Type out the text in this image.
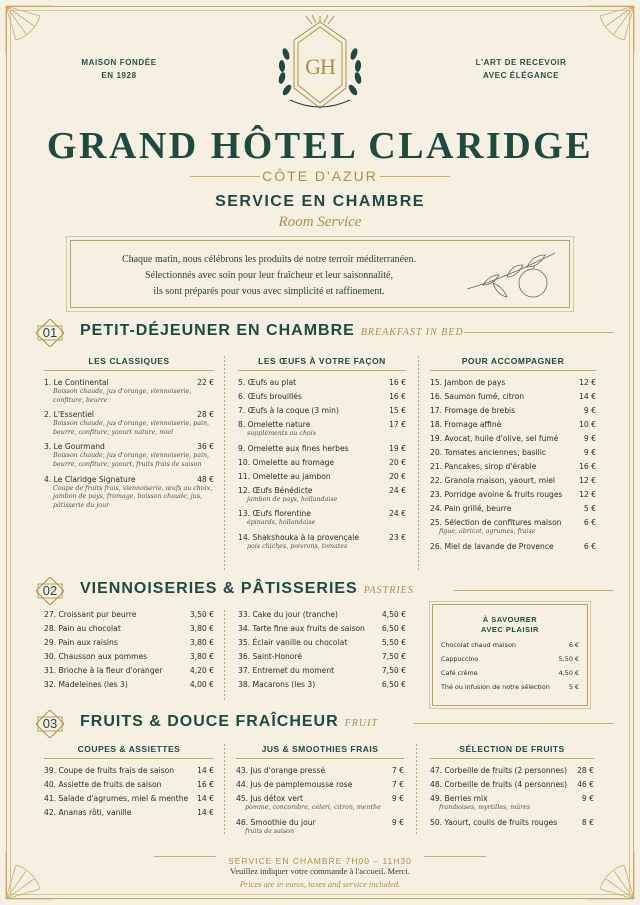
MAISON FONDÉE
EN 1928
L'ART DE RECEVOIR
AVEC ÉLÉGANCE
GH
GRAND HÔTEL CLARIDGE
CÔTE D'AZUR
SERVICE EN CHAMBRE
Room Service
Chaque matin, nous célébrons les produits de notre terroir méditerranéen.
Sélectionnés avec soin pour leur fraîcheur et leur saisonnalité,
ils sont préparés pour vous avec simplicité et raffinement.
01	PETIT-DÉJEUNER EN CHAMBRE BREAKFAST IN BED
LES CLASSIQUES
1. Le Continental	22 €
Boisson chaude, jus d'orange, viennoiserie, confiture, beurre
2. L'Essentiel	28 €
Boisson chaude, jus d'orange, viennoiserie, pain, beurre, confiture, yaourt nature, miel
3. Le Gourmand	36 €
Boisson chaude, jus d'orange, viennoiserie, pain, beurre, confiture, yaourt, fruits frais de saison
4. Le Claridge Signature	48 €
Coupe de fruits frais, viennoiserie, œufs au choix, jambon de pays, fromage, boisson chaude, jus, pâtisserie du jour
LES ŒUFS À VOTRE FAÇON
5. Œufs au plat	16 €
6. Œufs brouillés	16 €
7. Œufs à la coque (3 min)	15 €
8. Omelette nature	17 €
suppléments au choix
9. Omelette aux fines herbes	19 €
10. Omelette au fromage	20 €
11. Omelette au jambon	20 €
12. Œufs Bénédicte	24 €
jambon de pays, hollandaise
13. Œufs florentine	24 €
épinards, hollandaise
14. Shakshouka à la provençale	23 €
pois chiches, poivrons, tomates
POUR ACCOMPAGNER
15. Jambon de pays	12 €
16. Saumon fumé, citron	14 €
17. Fromage de brebis	9 €
18. Fromage affiné	10 €
19. Avocat, huile d'olive, sel fumé	9 €
20. Tomates anciennes, basilic	9 €
21. Pancakes, sirop d'érable	16 €
22. Granola maison, yaourt, miel	12 €
23. Porridge avoine & fruits rouges	12 €
24. Pain grillé, beurre	5 €
25. Sélection de confitures maison	6 €
figue, abricot, agrumes, fraise
26. Miel de lavande de Provence	6 €
02	VIENNOISERIES & PÂTISSERIES PASTRIES
27. Croissant pur beurre	3,50 €
28. Pain au chocolat	3,80 €
29. Pain aux raisins	3,80 €
30. Chausson aux pommes	3,80 €
31. Brioche à la fleur d'oranger	4,20 €
32. Madeleines (les 3)	4,00 €
33. Cake du jour (tranche)	4,50 €
34. Tarte fine aux fruits de saison	6,50 €
35. Éclair vanille ou chocolat	5,50 €
36. Saint-Honoré	7,50 €
37. Entremet du moment	7,50 €
38. Macarons (les 3)	6,50 €
À SAVOURER
AVEC PLAISIR
Chocolat chaud maison	6 €
Cappuccino	5,50 €
Café crème	4,50 €
Thé ou infusion de notre sélection	5 €
03	FRUITS & DOUCE FRAÎCHEUR FRUIT
COUPES & ASSIETTES
39. Coupe de fruits frais de saison	14 €
40. Assiette de fruits de saison	16 €
41. Salade d'agrumes, miel & menthe	14 €
42. Ananas rôti, vanille	14 €
JUS & SMOOTHIES FRAIS
43. Jus d'orange pressé	7 €
44. Jus de pamplemousse rose	7 €
45. Jus détox vert	9 €
pomme, concombre, céleri, citron, menthe
46. Smoothie du jour	9 €
fruits de saison
SÉLECTION DE FRUITS
47. Corbeille de fruits (2 personnes)	28 €
48. Corbeille de fruits (4 personnes)	46 €
49. Berries mix	9 €
framboises, myrtilles, mûres
50. Yaourt, coulis de fruits rouges	8 €
SERVICE EN CHAMBRE 7H00 – 11H30
Veuillez indiquer votre commande à l'accueil. Merci.
Prices are in euros, taxes and service included.
